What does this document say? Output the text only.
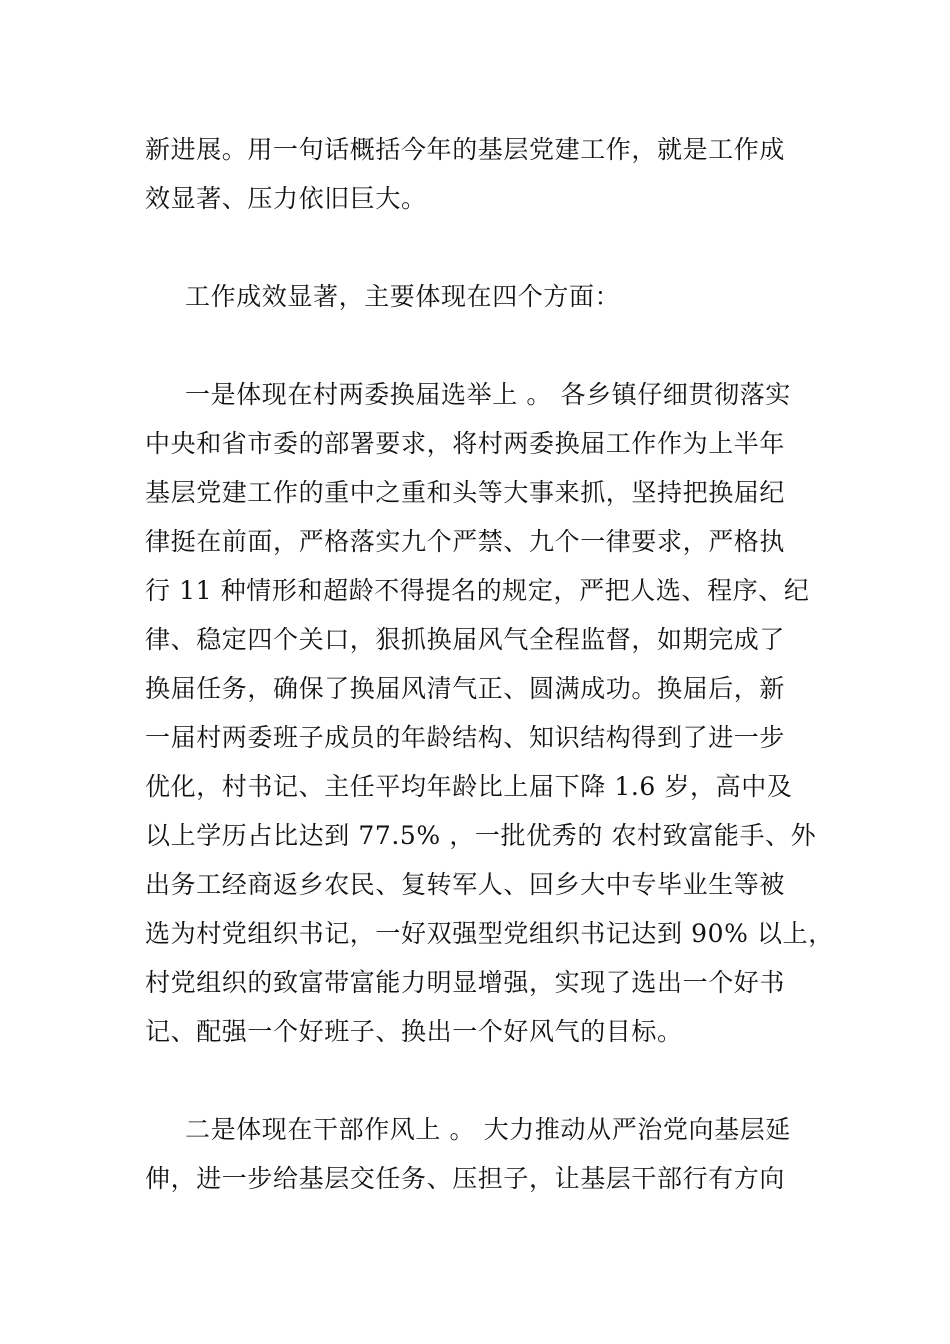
新进展。用一句话概括今年的基层党建工作，就是工作成
效显著、压力依旧巨大。
工作成效显著，主要体现在四个方面：
一是体现在村两委换届选举上 。 各乡镇仔细贯彻落实
中央和省市委的部署要求，将村两委换届工作作为上半年
基层党建工作的重中之重和头等大事来抓，坚持把换届纪
律挺在前面，严格落实九个严禁、九个一律要求，严格执
行 11 种情形和超龄不得提名的规定，严把人选、程序、纪
律、稳定四个关口，狠抓换届风气全程监督，如期完成了
换届任务，确保了换届风清气正、圆满成功。换届后，新
一届村两委班子成员的年龄结构、知识结构得到了进一步
优化，村书记、主任平均年龄比上届下降 1.6 岁，高中及
以上学历占比达到 77.5% ，一批优秀的 农村致富能手、外
出务工经商返乡农民、复转军人、回乡大中专毕业生等被
选为村党组织书记，一好双强型党组织书记达到 90% 以上，
村党组织的致富带富能力明显增强，实现了选出一个好书
记、配强一个好班子、换出一个好风气的目标。
二是体现在干部作风上 。 大力推动从严治党向基层延
伸，进一步给基层交任务、压担子，让基层干部行有方向
